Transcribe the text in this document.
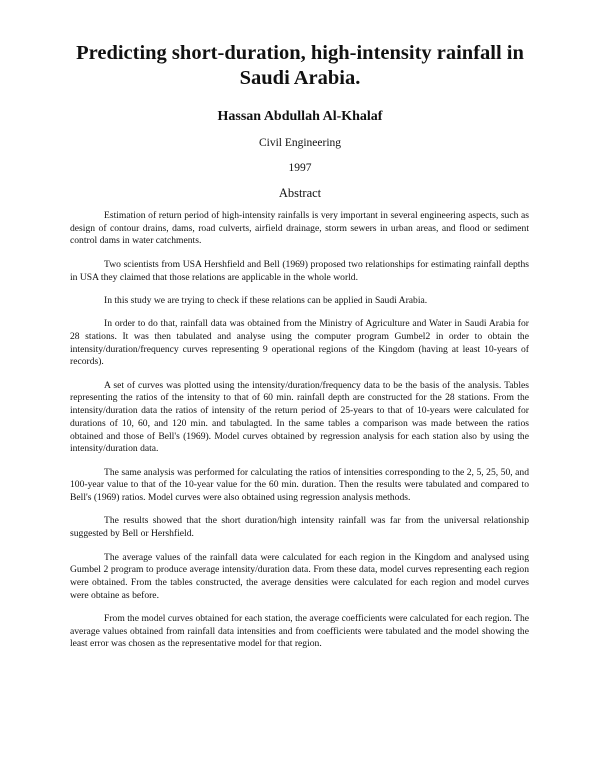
Predicting short-duration, high-intensity rainfall in Saudi Arabia.
Hassan Abdullah Al-Khalaf
Civil Engineering
1997
Abstract

Estimation of return period of high-intensity rainfalls is very important in several engineering aspects, such as design of contour drains, dams, road culverts, airfield drainage, storm sewers in urban areas, and flood or sediment control dams in water catchments.

Two scientists from USA Hershfield and Bell (1969) proposed two relationships for estimating rainfall depths in USA they claimed that those relations are applicable in the whole world.

In this study we are trying to check if these relations can be applied in Saudi Arabia.

In order to do that, rainfall data was obtained from the Ministry of Agriculture and Water in Saudi Arabia for 28 stations. It was then tabulated and analyse using the computer program Gumbel2 in order to obtain the intensity/duration/frequency curves representing 9 operational regions of the Kingdom (having at least 10-years of records).

A set of curves was plotted using the intensity/duration/frequency data to be the basis of the analysis. Tables representing the ratios of the intensity to that of 60 min. rainfall depth are constructed for the 28 stations. From the intensity/duration data the ratios of intensity of the return period of 25-years to that of 10-years were calculated for durations of 10, 60, and 120 min. and tabulagted. In the same tables a comparison was made between the ratios obtained and those of Bell's (1969). Model curves obtained by regression analysis for each station also by using the intensity/duration data.

The same analysis was performed for calculating the ratios of intensities corresponding to the 2, 5, 25, 50, and 100-year value to that of the 10-year value for the 60 min. duration. Then the results were tabulated and compared to Bell's (1969) ratios. Model curves were also obtained using regression analysis methods.

The results showed that the short duration/high intensity rainfall was far from the universal relationship suggested by Bell or Hershfield.

The average values of the rainfall data were calculated for each region in the Kingdom and analysed using Gumbel 2 program to produce average intensity/duration data. From these data, model curves representing each region were obtained. From the tables constructed, the average densities were calculated for each region and model curves were obtaine as before.

From the model curves obtained for each station, the average coefficients were calculated for each region. The average values obtained from rainfall data intensities and from coefficients were tabulated and the model showing the least error was chosen as the representative model for that region.
